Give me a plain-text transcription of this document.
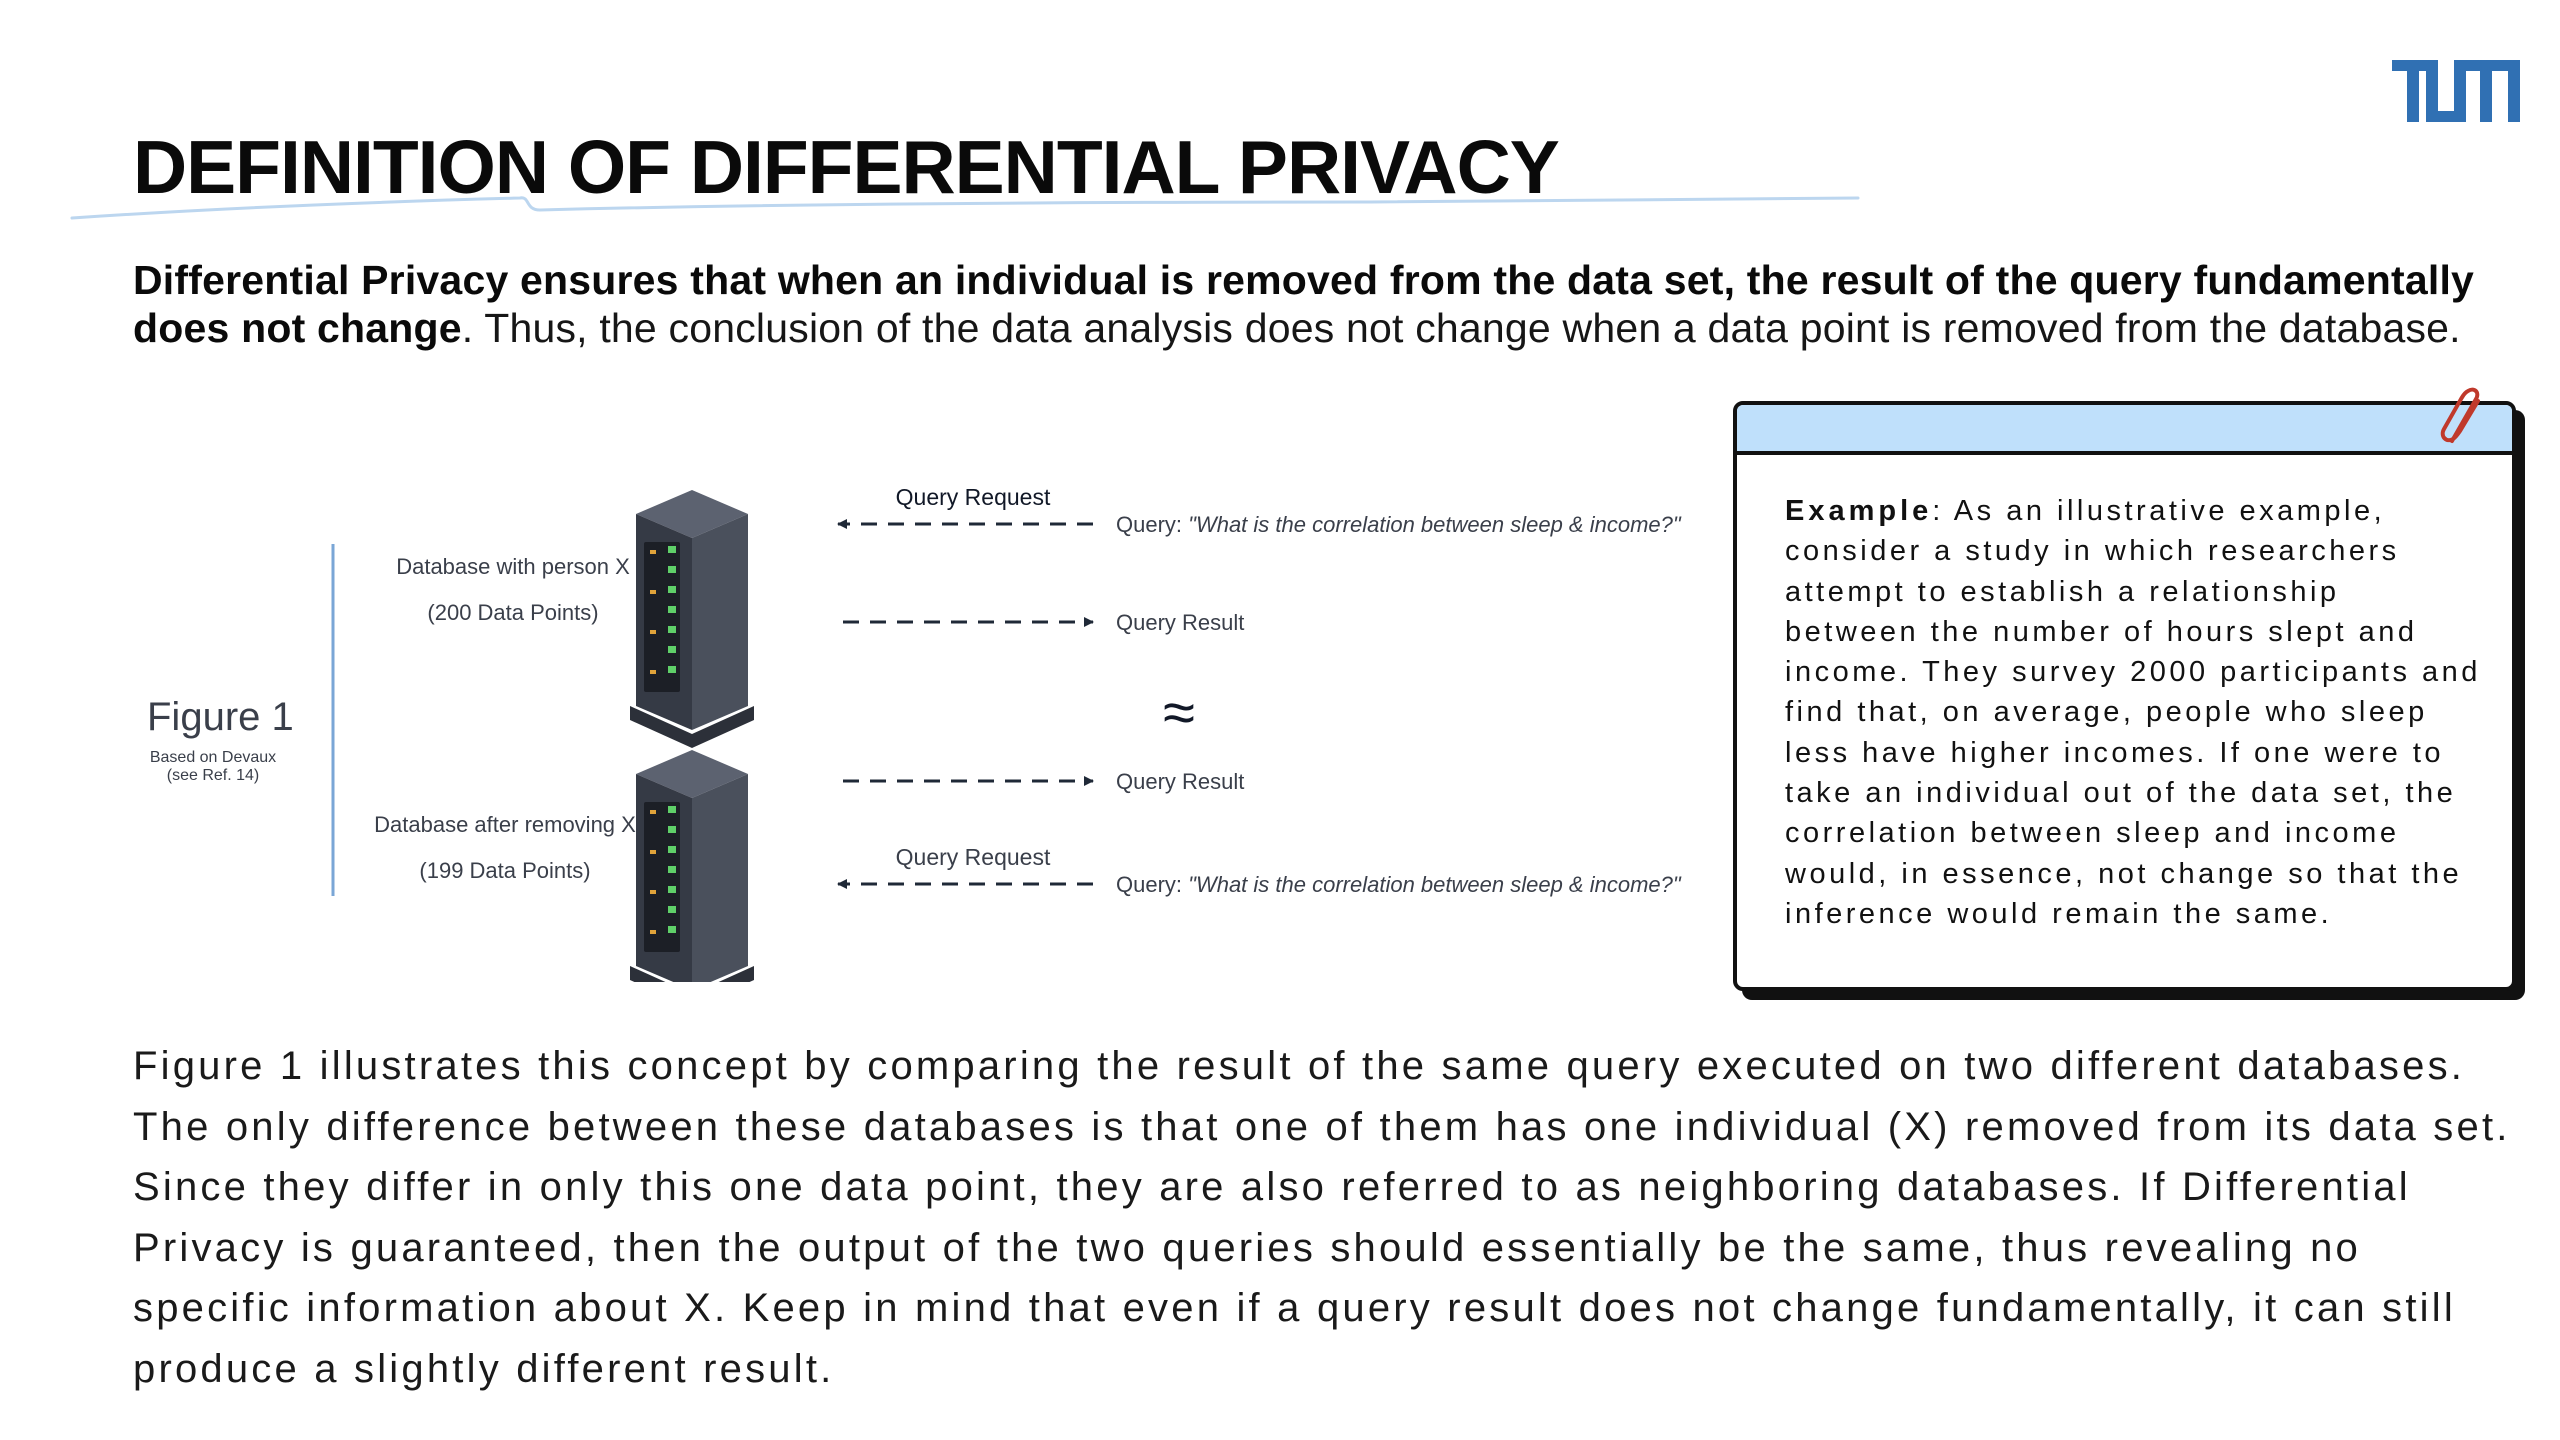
DEFINITION OF DIFFERENTIAL PRIVACY

Differential Privacy ensures that when an individual is removed from the data set, the result of the query fundamentally does not change. Thus, the conclusion of the data analysis does not change when a data point is removed from the database.

Figure 1
Based on Devaux
(see Ref. 14)
Database with person X
(200 Data Points)
Database after removing X
(199 Data Points)
Query Request
Query: "What is the correlation between sleep & income?"
Query Result
≈
Query Result
Query Request
Query: "What is the correlation between sleep & income?"

Example: As an illustrative example, consider a study in which researchers attempt to establish a relationship between the number of hours slept and income. They survey 2000 participants and find that, on average, people who sleep less have higher incomes. If one were to take an individual out of the data set, the correlation between sleep and income would, in essence, not change so that the inference would remain the same.

Figure 1 illustrates this concept by comparing the result of the same query executed on two different databases. The only difference between these databases is that one of them has one individual (X) removed from its data set. Since they differ in only this one data point, they are also referred to as neighboring databases. If Differential Privacy is guaranteed, then the output of the two queries should essentially be the same, thus revealing no specific information about X. Keep in mind that even if a query result does not change fundamentally, it can still produce a slightly different result.
